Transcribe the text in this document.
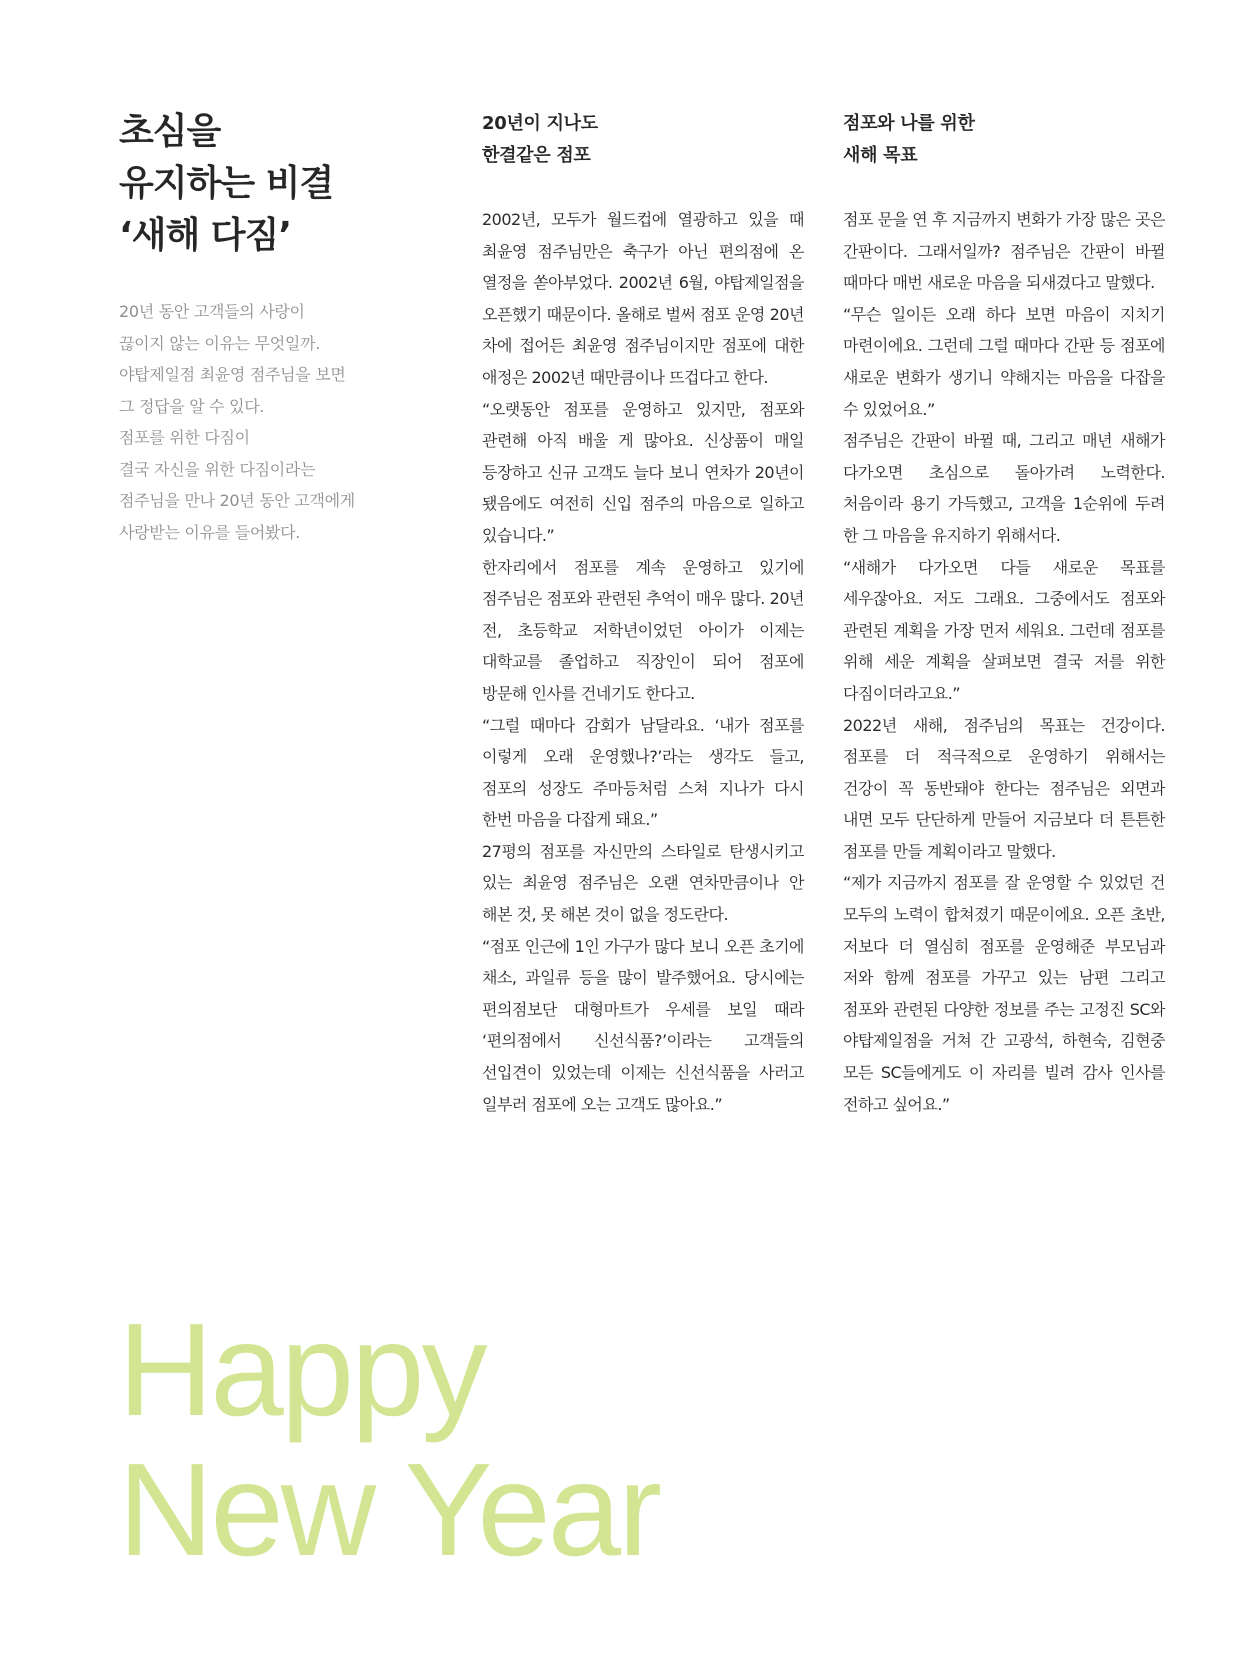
초심을
유지하는 비결
‘새해 다짐’
20년 동안 고객들의 사랑이
끊이지 않는 이유는 무엇일까.
야탑제일점 최윤영 점주님을 보면
그 정답을 알 수 있다.
점포를 위한 다짐이
결국 자신을 위한 다짐이라는
점주님을 만나 20년 동안 고객에게
사랑받는 이유를 들어봤다.
20년이 지나도
한결같은 점포

2002년, 모두가 월드컵에 열광하고 있을 때 최윤영 점주님만은 축구가 아닌 편의점에 온 열정을 쏟아부었다. 2002년 6월, 야탑제일점을 오픈했기 때문이다. 올해로 벌써 점포 운영 20년 차에 접어든 최윤영 점주님이지만 점포에 대한 애정은 2002년 때만큼이나 뜨겁다고 한다.

“오랫동안 점포를 운영하고 있지만, 점포와 관련해 아직 배울 게 많아요. 신상품이 매일 등장하고 신규 고객도 늘다 보니 연차가 20년이 됐음에도 여전히 신입 점주의 마음으로 일하고 있습니다.”

한자리에서 점포를 계속 운영하고 있기에 점주님은 점포와 관련된 추억이 매우 많다. 20년 전, 초등학교 저학년이었던 아이가 이제는 대학교를 졸업하고 직장인이 되어 점포에 방문해 인사를 건네기도 한다고.

“그럴 때마다 감회가 남달라요. ‘내가 점포를 이렇게 오래 운영했나?’라는 생각도 들고, 점포의 성장도 주마등처럼 스쳐 지나가 다시 한번 마음을 다잡게 돼요.”

27평의 점포를 자신만의 스타일로 탄생시키고 있는 최윤영 점주님은 오랜 연차만큼이나 안 해본 것, 못 해본 것이 없을 정도란다.

“점포 인근에 1인 가구가 많다 보니 오픈 초기에 채소, 과일류 등을 많이 발주했어요. 당시에는 편의점보단 대형마트가 우세를 보일 때라 ‘편의점에서 신선식품?’이라는 고객들의 선입견이 있었는데 이제는 신선식품을 사러고 일부러 점포에 오는 고객도 많아요.”

점포와 나를 위한
새해 목표

점포 문을 연 후 지금까지 변화가 가장 많은 곳은 간판이다. 그래서일까? 점주님은 간판이 바뀔 때마다 매번 새로운 마음을 되새겼다고 말했다.

“무슨 일이든 오래 하다 보면 마음이 지치기 마련이에요. 그런데 그럴 때마다 간판 등 점포에 새로운 변화가 생기니 약해지는 마음을 다잡을 수 있었어요.”

점주님은 간판이 바뀔 때, 그리고 매년 새해가 다가오면 초심으로 돌아가려 노력한다. 처음이라 용기 가득했고, 고객을 1순위에 두려 한 그 마음을 유지하기 위해서다.

“새해가 다가오면 다들 새로운 목표를 세우잖아요. 저도 그래요. 그중에서도 점포와 관련된 계획을 가장 먼저 세워요. 그런데 점포를 위해 세운 계획을 살펴보면 결국 저를 위한 다짐이더라고요.”

2022년 새해, 점주님의 목표는 건강이다. 점포를 더 적극적으로 운영하기 위해서는 건강이 꼭 동반돼야 한다는 점주님은 외면과 내면 모두 단단하게 만들어 지금보다 더 튼튼한 점포를 만들 계획이라고 말했다.

“제가 지금까지 점포를 잘 운영할 수 있었던 건 모두의 노력이 합쳐졌기 때문이에요. 오픈 초반, 저보다 더 열심히 점포를 운영해준 부모님과 저와 함께 점포를 가꾸고 있는 남편 그리고 점포와 관련된 다양한 정보를 주는 고정진 SC와 야탑제일점을 거쳐 간 고광석, 하현숙, 김현중 모든 SC들에게도 이 자리를 빌려 감사 인사를 전하고 싶어요.”

Happy
New Year
